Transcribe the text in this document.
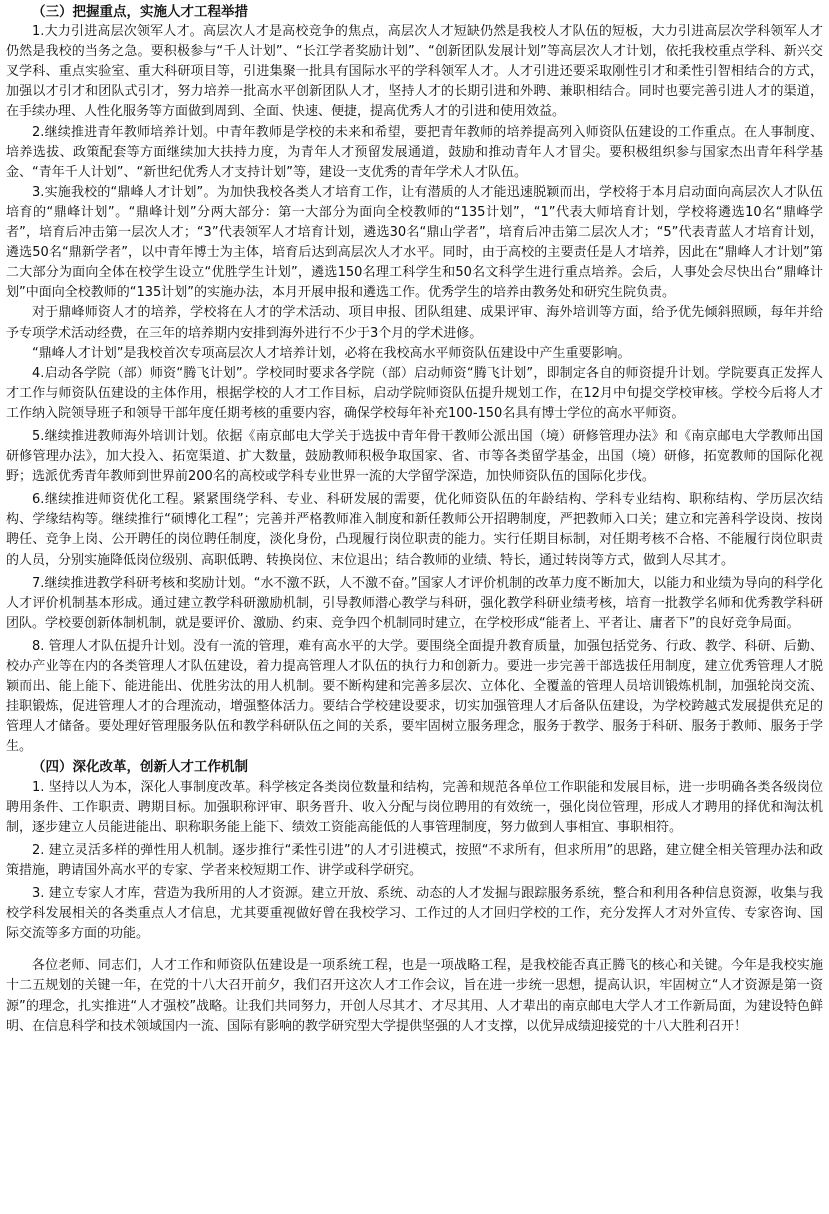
（三）把握重点，实施人才工程举措
1.大力引进高层次领军人才。高层次人才是高校竞争的焦点，高层次人才短缺仍然是我校人才队伍的短板，大力引进高层次学科领军人才仍然是我校的当务之急。要积极参与“千人计划”、“长江学者奖励计划”、“创新团队发展计划”等高层次人才计划，依托我校重点学科、新兴交叉学科、重点实验室、重大科研项目等，引进集聚一批具有国际水平的学科领军人才。人才引进还要采取刚性引才和柔性引智相结合的方式，加强以才引才和团队式引才，努力培养一批高水平创新团队人才，坚持人才的长期引进和外聘、兼职相结合。同时也要完善引进人才的渠道，在手续办理、人性化服务等方面做到周到、全面、快速、便捷，提高优秀人才的引进和使用效益。
2.继续推进青年教师培养计划。中青年教师是学校的未来和希望，要把青年教师的培养提高列入师资队伍建设的工作重点。在人事制度、培养选拔、政策配套等方面继续加大扶持力度，为青年人才预留发展通道，鼓励和推动青年人才冒尖。要积极组织参与国家杰出青年科学基金、“青年千人计划”、“新世纪优秀人才支持计划”等，建设一支优秀的青年学术人才队伍。
3.实施我校的“鼎峰人才计划”。为加快我校各类人才培育工作，让有潜质的人才能迅速脱颖而出，学校将于本月启动面向高层次人才队伍培育的“鼎峰计划”。“鼎峰计划”分两大部分：第一大部分为面向全校教师的“135计划”，“1”代表大师培育计划，学校将遴选10名“鼎峰学者”，培育后冲击第一层次人才；“3”代表领军人才培育计划，遴选30名“鼎山学者”，培育后冲击第二层次人才；“5”代表青蓝人才培育计划，遴选50名“鼎新学者”，以中青年博士为主体，培育后达到高层次人才水平。同时，由于高校的主要责任是人才培养，因此在“鼎峰人才计划”第二大部分为面向全体在校学生设立“优胜学生计划”，遴选150名理工科学生和50名文科学生进行重点培养。会后，人事处会尽快出台“鼎峰计划”中面向全校教师的“135计划”的实施办法，本月开展申报和遴选工作。优秀学生的培养由教务处和研究生院负责。
对于鼎峰师资人才的培养，学校将在人才的学术活动、项目申报、团队组建、成果评审、海外培训等方面，给予优先倾斜照顾，每年并给予专项学术活动经费，在三年的培养期内安排到海外进行不少于3个月的学术进修。
“鼎峰人才计划”是我校首次专项高层次人才培养计划，必将在我校高水平师资队伍建设中产生重要影响。
4.启动各学院（部）师资“腾飞计划”。学校同时要求各学院（部）启动师资“腾飞计划”，即制定各自的师资提升计划。学院要真正发挥人才工作与师资队伍建设的主体作用，根据学校的人才工作目标，启动学院师资队伍提升规划工作，在12月中旬提交学校审核。学校今后将人才工作纳入院领导班子和领导干部年度任期考核的重要内容，确保学校每年补充100-150名具有博士学位的高水平师资。
5.继续推进教师海外培训计划。依据《南京邮电大学关于选拔中青年骨干教师公派出国（境）研修管理办法》和《南京邮电大学教师出国研修管理办法》，加大投入、拓宽渠道、扩大数量，鼓励教师积极争取国家、省、市等各类留学基金，出国（境）研修，拓宽教师的国际化视野；选派优秀青年教师到世界前200名的高校或学科专业世界一流的大学留学深造，加快师资队伍的国际化步伐。
6.继续推进师资优化工程。紧紧围绕学科、专业、科研发展的需要，优化师资队伍的年龄结构、学科专业结构、职称结构、学历层次结构、学缘结构等。继续推行“硕博化工程”；完善并严格教师准入制度和新任教师公开招聘制度，严把教师入口关；建立和完善科学设岗、按岗聘任、竞争上岗、公开聘任的岗位聘任制度，淡化身份，凸现履行岗位职责的能力。实行任期目标制，对任期考核不合格、不能履行岗位职责的人员，分别实施降低岗位级别、高职低聘、转换岗位、末位退出；结合教师的业绩、特长，通过转岗等方式，做到人尽其才。
7.继续推进教学科研考核和奖励计划。“水不激不跃，人不激不奋。”国家人才评价机制的改革力度不断加大，以能力和业绩为导向的科学化人才评价机制基本形成。通过建立教学科研激励机制，引导教师潜心教学与科研，强化教学科研业绩考核，培育一批教学名师和优秀教学科研团队。学校要创新体制机制，就是要评价、激励、约束、竞争四个机制同时建立，在学校形成“能者上、平者让、庸者下”的良好竞争局面。
8. 管理人才队伍提升计划。没有一流的管理，难有高水平的大学。要围绕全面提升教育质量，加强包括党务、行政、教学、科研、后勤、校办产业等在内的各类管理人才队伍建设，着力提高管理人才队伍的执行力和创新力。要进一步完善干部选拔任用制度，建立优秀管理人才脱颖而出、能上能下、能进能出、优胜劣汰的用人机制。要不断构建和完善多层次、立体化、全覆盖的管理人员培训锻炼机制，加强轮岗交流、挂职锻炼，促进管理人才的合理流动，增强整体活力。要结合学校建设要求，切实加强管理人才后备队伍建设，为学校跨越式发展提供充足的管理人才储备。要处理好管理服务队伍和教学科研队伍之间的关系，要牢固树立服务理念，服务于教学、服务于科研、服务于教师、服务于学生。
（四）深化改革，创新人才工作机制
1. 坚持以人为本，深化人事制度改革。科学核定各类岗位数量和结构，完善和规范各单位工作职能和发展目标，进一步明确各类各级岗位聘用条件、工作职责、聘期目标。加强职称评审、职务晋升、收入分配与岗位聘用的有效统一，强化岗位管理，形成人才聘用的择优和淘汰机制，逐步建立人员能进能出、职称职务能上能下、绩效工资能高能低的人事管理制度，努力做到人事相宜、事职相符。
2. 建立灵活多样的弹性用人机制。逐步推行“柔性引进”的人才引进模式，按照“不求所有，但求所用”的思路，建立健全相关管理办法和政策措施，聘请国外高水平的专家、学者来校短期工作、讲学或科学研究。
3. 建立专家人才库，营造为我所用的人才资源。建立开放、系统、动态的人才发掘与跟踪服务系统，整合和利用各种信息资源，收集与我校学科发展相关的各类重点人才信息，尤其要重视做好曾在我校学习、工作过的人才回归学校的工作，充分发挥人才对外宣传、专家咨询、国际交流等多方面的功能。
各位老师、同志们，人才工作和师资队伍建设是一项系统工程，也是一项战略工程，是我校能否真正腾飞的核心和关键。今年是我校实施十二五规划的关键一年，在党的十八大召开前夕，我们召开这次人才工作会议，旨在进一步统一思想，提高认识，牢固树立“人才资源是第一资源”的理念，扎实推进“人才强校”战略。让我们共同努力，开创人尽其才、才尽其用、人才辈出的南京邮电大学人才工作新局面，为建设特色鲜明、在信息科学和技术领域国内一流、国际有影响的教学研究型大学提供坚强的人才支撑，以优异成绩迎接党的十八大胜利召开！
